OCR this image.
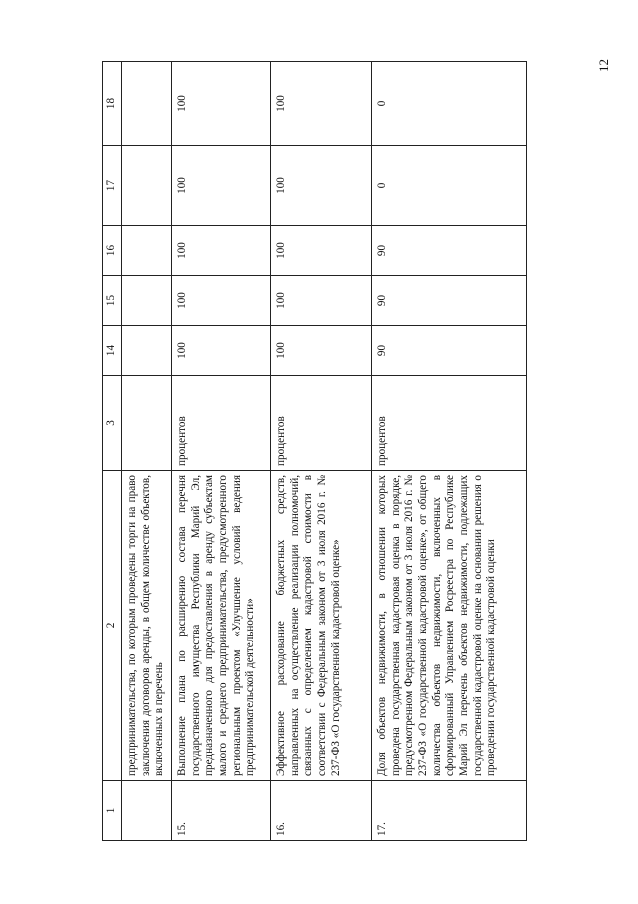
12
1	2	3	14	15	16	17	18
	предпринимательства, по которым проведены торги на право заключения договоров аренды, в общем количестве объектов, включенных в перечень						
15.	Выполнение плана по расширению состава перечня государственного имущества Республики Марий Эл, предназначенного для предоставления в аренду субъектам малого и среднего предпринимательства, предусмотренного региональным проектом «Улучшение условий ведения предпринимательской деятельности»	процентов	100	100	100	100	100
16.	Эффективное расходование бюджетных средств, направленных на осуществление реализации полномочий, связанных с определением кадастровой стоимости в соответствии с Федеральным законом от 3 июля 2016 г. № 237-ФЗ «О государственной кадастровой оценке»	процентов	100	100	100	100	100
17.	Доля объектов недвижимости, в отношении которых проведена государственная кадастровая оценка в порядке, предусмотренном Федеральным законом от 3 июля 2016 г. № 237-ФЗ «О государственной кадастровой оценке», от общего количества объектов недвижимости, включенных в сформированный Управлением Росреестра по Республике Марий Эл перечень объектов недвижимости, подлежащих государственной кадастровой оценке на основании решения о проведении государственной кадастровой оценки	процентов	90	90	90	0	0
